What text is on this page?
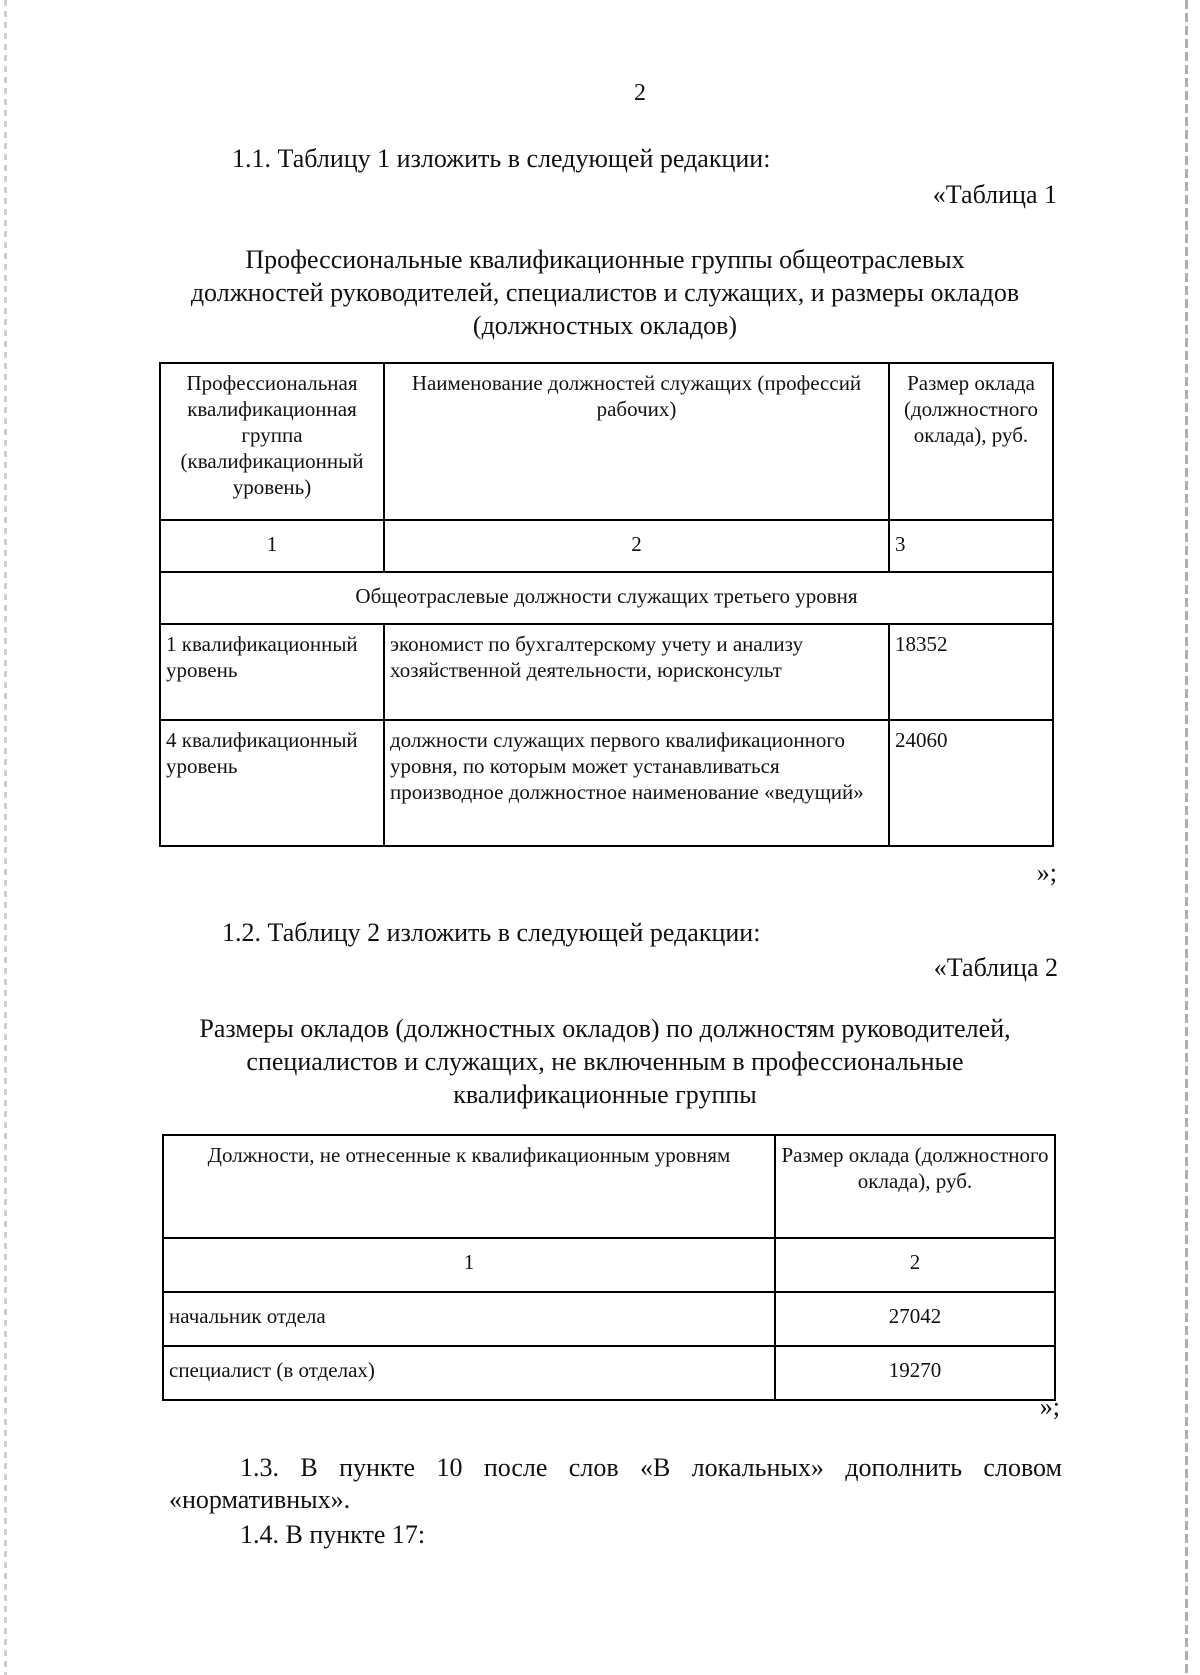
2
1.1. Таблицу 1 изложить в следующей редакции:
«Таблица 1
Профессиональные квалификационные группы общеотраслевых
должностей руководителей, специалистов и служащих, и размеры окладов
(должностных окладов)
Профессиональная квалификационная группа (квалификационный уровень)	Наименование должностей служащих (профессий рабочих)	Размер оклада (должностного оклада), руб.
1	2	3
Общеотраслевые должности служащих третьего уровня		
1 квалификационный уровень	экономист по бухгалтерскому учету и анализу хозяйственной деятельности, юрисконсульт	18352
4 квалификационный уровень	должности служащих первого квалификационного уровня, по которым может устанавливаться производное должностное наименование «ведущий»	24060
»;
1.2. Таблицу 2 изложить в следующей редакции:
«Таблица 2
Размеры окладов (должностных окладов) по должностям руководителей,
специалистов и служащих, не включенным в профессиональные
квалификационные группы
Должности, не отнесенные к квалификационным уровням	Размер оклада (должностного оклада), руб.
1	2
начальник отдела	27042
специалист (в отделах)	19270
»;
1.3. В пункте 10 после слов «В локальных» дополнить словом
«нормативных».
1.4. В пункте 17:
